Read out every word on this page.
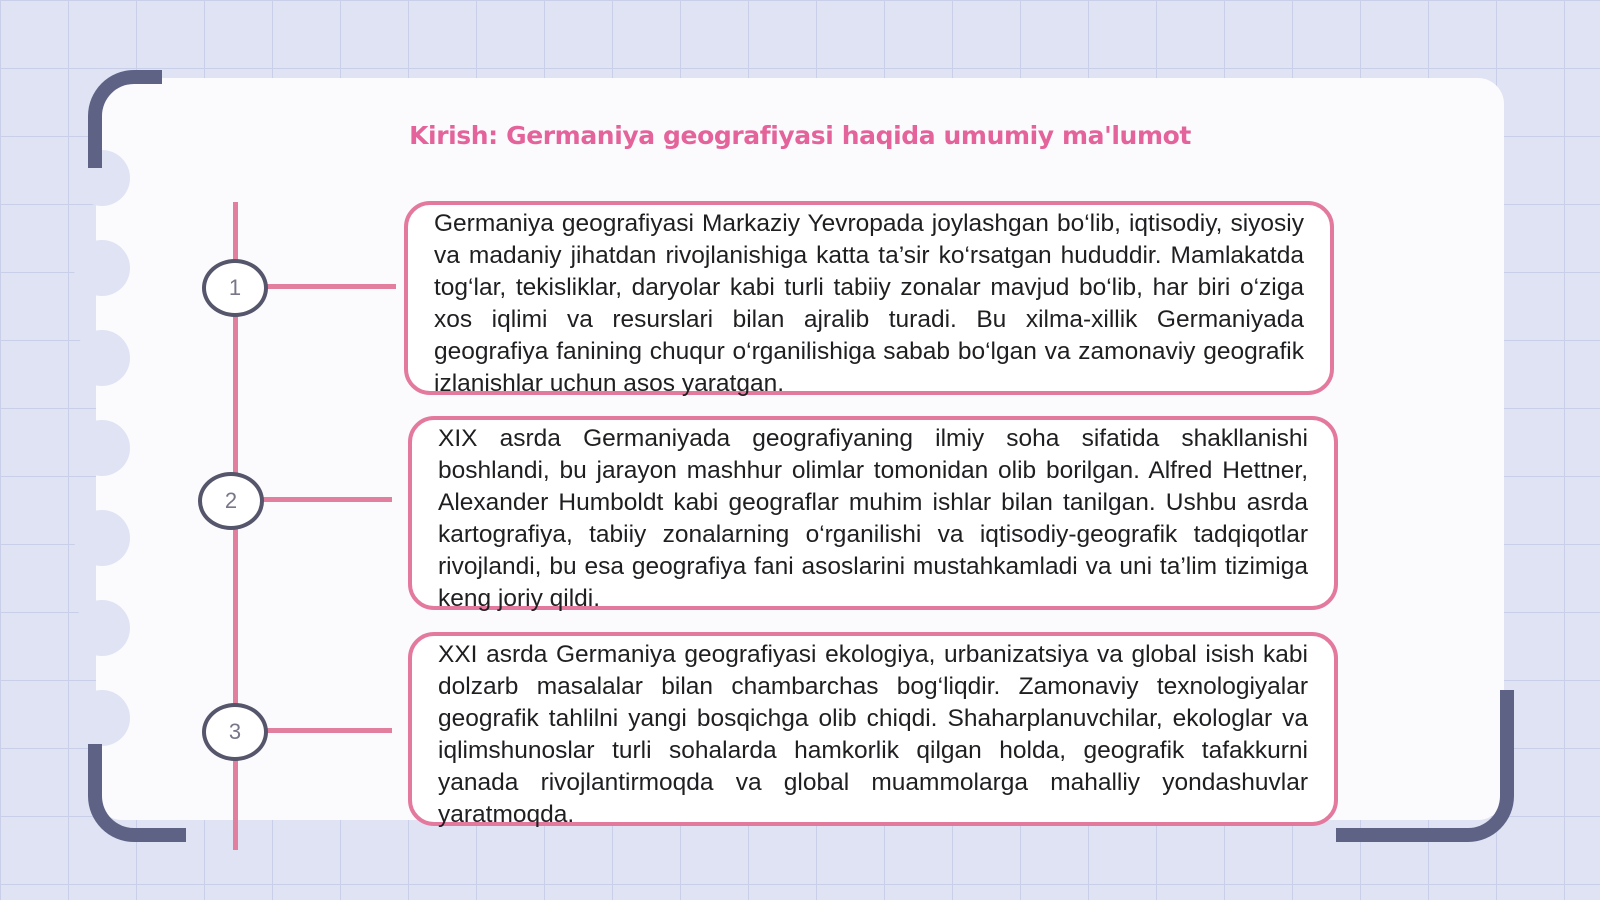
Kirish: Germaniya geografiyasi haqida umumiy ma'lumot
1
2
3

Germaniya geografiyasi Markaziy Yevropada joylashgan bo‘lib, iqtisodiy, siyosiy va madaniy jihatdan rivojlanishiga katta ta’sir ko‘rsatgan hududdir. Mamlakatda tog‘lar, tekisliklar, daryolar kabi turli tabiiy zonalar mavjud bo‘lib, har biri o‘ziga xos iqlimi va resurslari bilan ajralib turadi. Bu xilma-xillik Germaniyada geografiya fanining chuqur o‘rganilishiga sabab bo‘lgan va zamonaviy geografik izlanishlar uchun asos yaratgan.

XIX asrda Germaniyada geografiyaning ilmiy soha sifatida shakllanishi boshlandi, bu jarayon mashhur olimlar tomonidan olib borilgan. Alfred Hettner, Alexander Humboldt kabi geograflar muhim ishlar bilan tanilgan. Ushbu asrda kartografiya, tabiiy zonalarning o‘rganilishi va iqtisodiy-geografik tadqiqotlar rivojlandi, bu esa geografiya fani asoslarini mustahkamladi va uni ta’lim tizimiga keng joriy qildi.

XXI asrda Germaniya geografiyasi ekologiya, urbanizatsiya va global isish kabi dolzarb masalalar bilan chambarchas bog‘liqdir. Zamonaviy texnologiyalar geografik tahlilni yangi bosqichga olib chiqdi. Shaharplanuvchilar, ekologlar va iqlimshunoslar turli sohalarda hamkorlik qilgan holda, geografik tafakkurni yanada rivojlantirmoqda va global muammolarga mahalliy yondashuvlar yaratmoqda.
